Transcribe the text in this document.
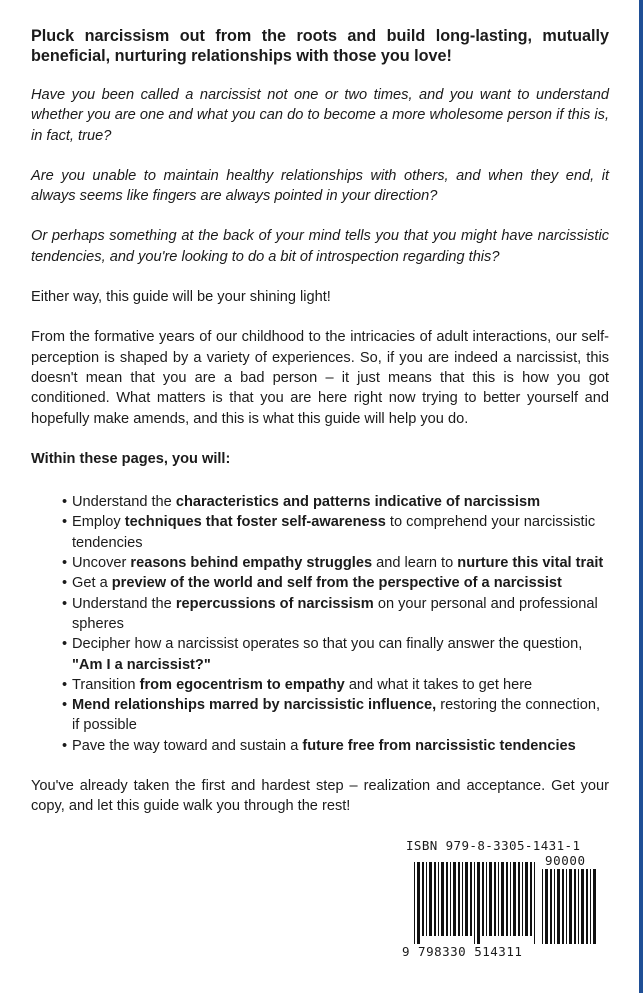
Pluck narcissism out from the roots and build long-lasting, mutually beneficial, nurturing relationships with those you love!

Have you been called a narcissist not one or two times, and you want to understand whether you are one and what you can do to become a more wholesome person if this is, in fact, true?

Are you unable to maintain healthy relationships with others, and when they end, it always seems like fingers are always pointed in your direction?

Or perhaps something at the back of your mind tells you that you might have narcissistic tendencies, and you're looking to do a bit of introspection regarding this?

Either way, this guide will be your shining light!

From the formative years of our childhood to the intricacies of adult interactions, our self-perception is shaped by a variety of experiences. So, if you are indeed a narcissist, this doesn't mean that you are a bad person – it just means that this is how you got conditioned. What matters is that you are here right now trying to better yourself and hopefully make amends, and this is what this guide will help you do.

Within these pages, you will:

• Understand the characteristics and patterns indicative of narcissism
• Employ techniques that foster self-awareness to comprehend your narcissistic tendencies
• Uncover reasons behind empathy struggles and learn to nurture this vital trait
• Get a preview of the world and self from the perspective of a narcissist
• Understand the repercussions of narcissism on your personal and professional spheres
• Decipher how a narcissist operates so that you can finally answer the question, "Am I a narcissist?"
• Transition from egocentrism to empathy and what it takes to get here
• Mend relationships marred by narcissistic influence, restoring the connection, if possible
• Pave the way toward and sustain a future free from narcissistic tendencies

You've already taken the first and hardest step – realization and acceptance. Get your copy, and let this guide walk you through the rest!

ISBN 979-8-3305-1431-1
90000
9 798330 514311
